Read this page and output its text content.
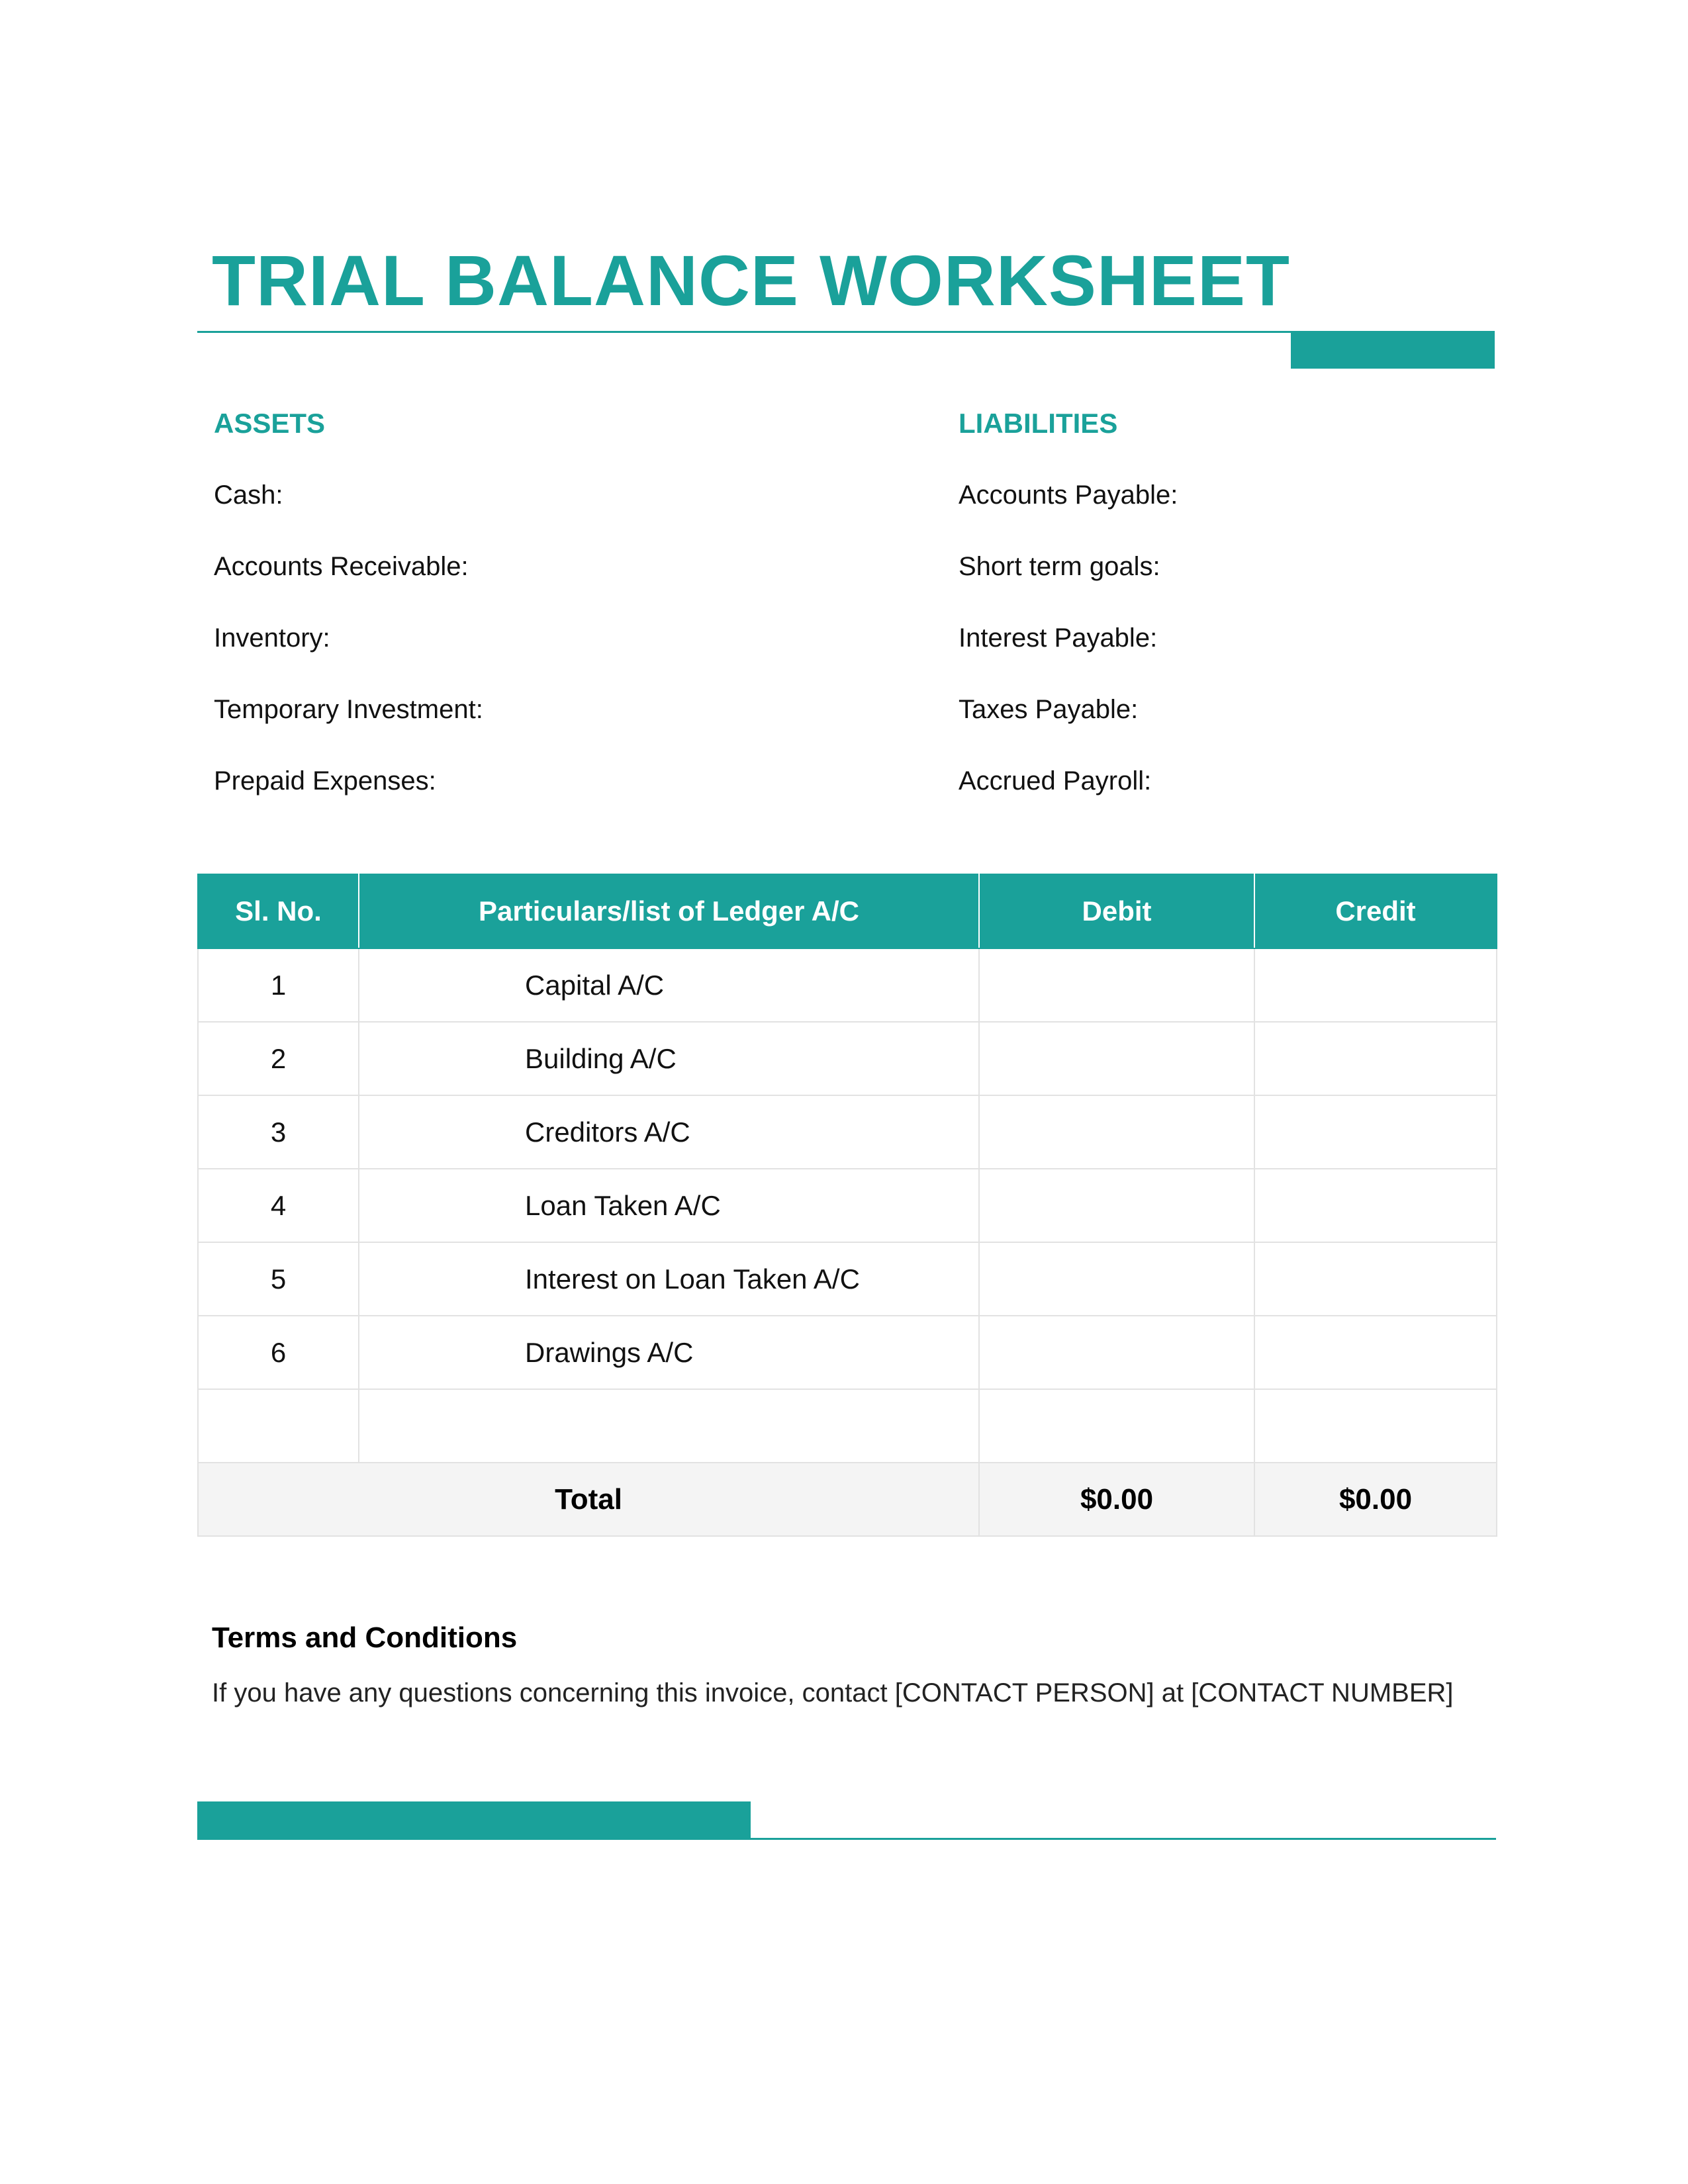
TRIAL BALANCE WORKSHEET
ASSETS
Cash:
Accounts Receivable:
Inventory:
Temporary Investment:
Prepaid Expenses:
LIABILITIES
Accounts Payable:
Short term goals:
Interest Payable:
Taxes Payable:
Accrued Payroll:
Sl. No.	Particulars/list of Ledger A/C	Debit	Credit
1	Capital A/C		
2	Building A/C		
3	Creditors A/C		
4	Loan Taken A/C		
5	Interest on Loan Taken A/C		
6	Drawings A/C		

Total		$0.00	$0.00
Terms and Conditions

If you have any questions concerning this invoice, contact [CONTACT PERSON] at [CONTACT NUMBER]
